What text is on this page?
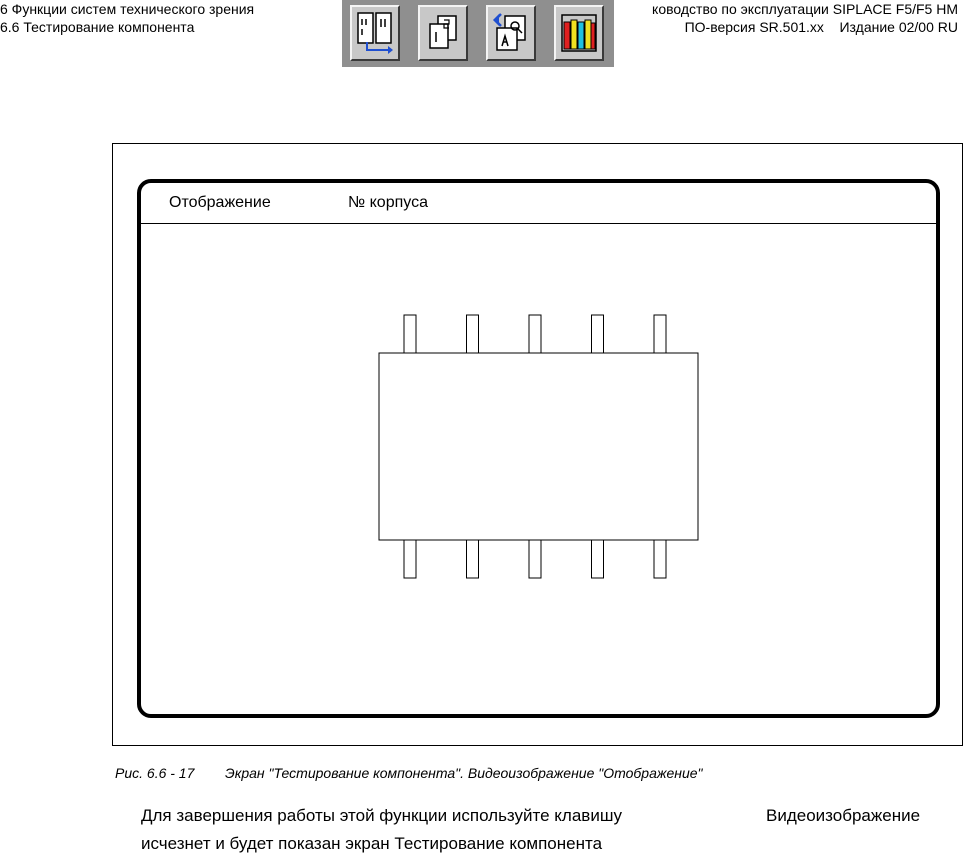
6 Функции систем технического зрения
6.6 Тестирование компонента
ководство по эксплуатации SIPLACE F5/F5 HM
ПО-версия SR.501.xx Издание 02/00 RU
Отображение	№ корпуса
Рис. 6.6 - 17 Экран "Тестирование компонента". Видеоизображение "Отображение"
Для завершения работы этой функции используйте клавишу	Видеоизображение
исчезнет и будет показан экран Тестирование компонента
